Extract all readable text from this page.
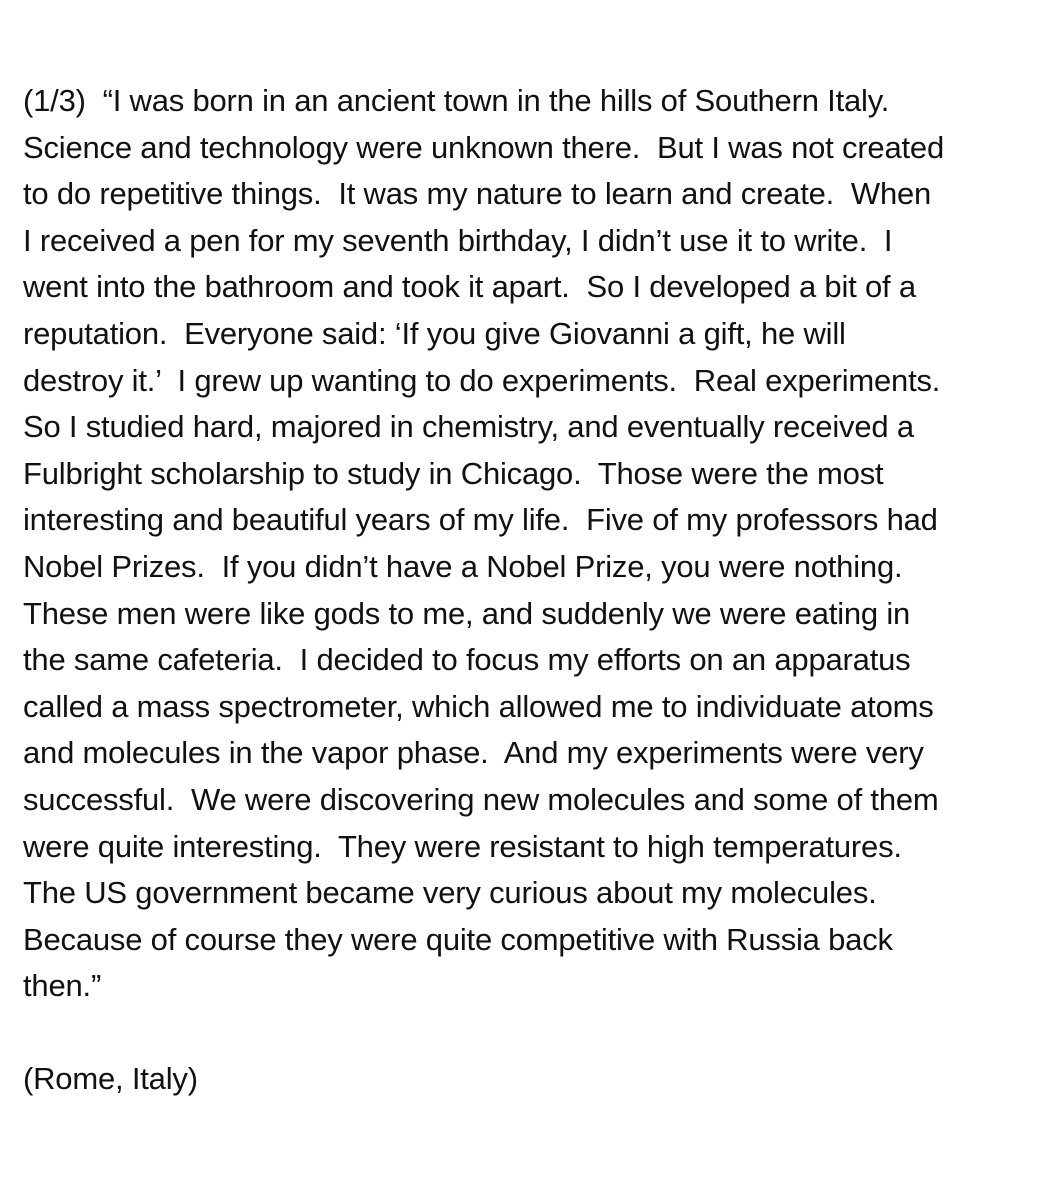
(1/3)  “I was born in an ancient town in the hills of Southern Italy.
Science and technology were unknown there.  But I was not created
to do repetitive things.  It was my nature to learn and create.  When
I received a pen for my seventh birthday, I didn’t use it to write.  I
went into the bathroom and took it apart.  So I developed a bit of a
reputation.  Everyone said: ‘If you give Giovanni a gift, he will
destroy it.’  I grew up wanting to do experiments.  Real experiments.
So I studied hard, majored in chemistry, and eventually received a
Fulbright scholarship to study in Chicago.  Those were the most
interesting and beautiful years of my life.  Five of my professors had
Nobel Prizes.  If you didn’t have a Nobel Prize, you were nothing.
These men were like gods to me, and suddenly we were eating in
the same cafeteria.  I decided to focus my efforts on an apparatus
called a mass spectrometer, which allowed me to individuate atoms
and molecules in the vapor phase.  And my experiments were very
successful.  We were discovering new molecules and some of them
were quite interesting.  They were resistant to high temperatures.
The US government became very curious about my molecules.
Because of course they were quite competitive with Russia back
then.”
(Rome, Italy)
